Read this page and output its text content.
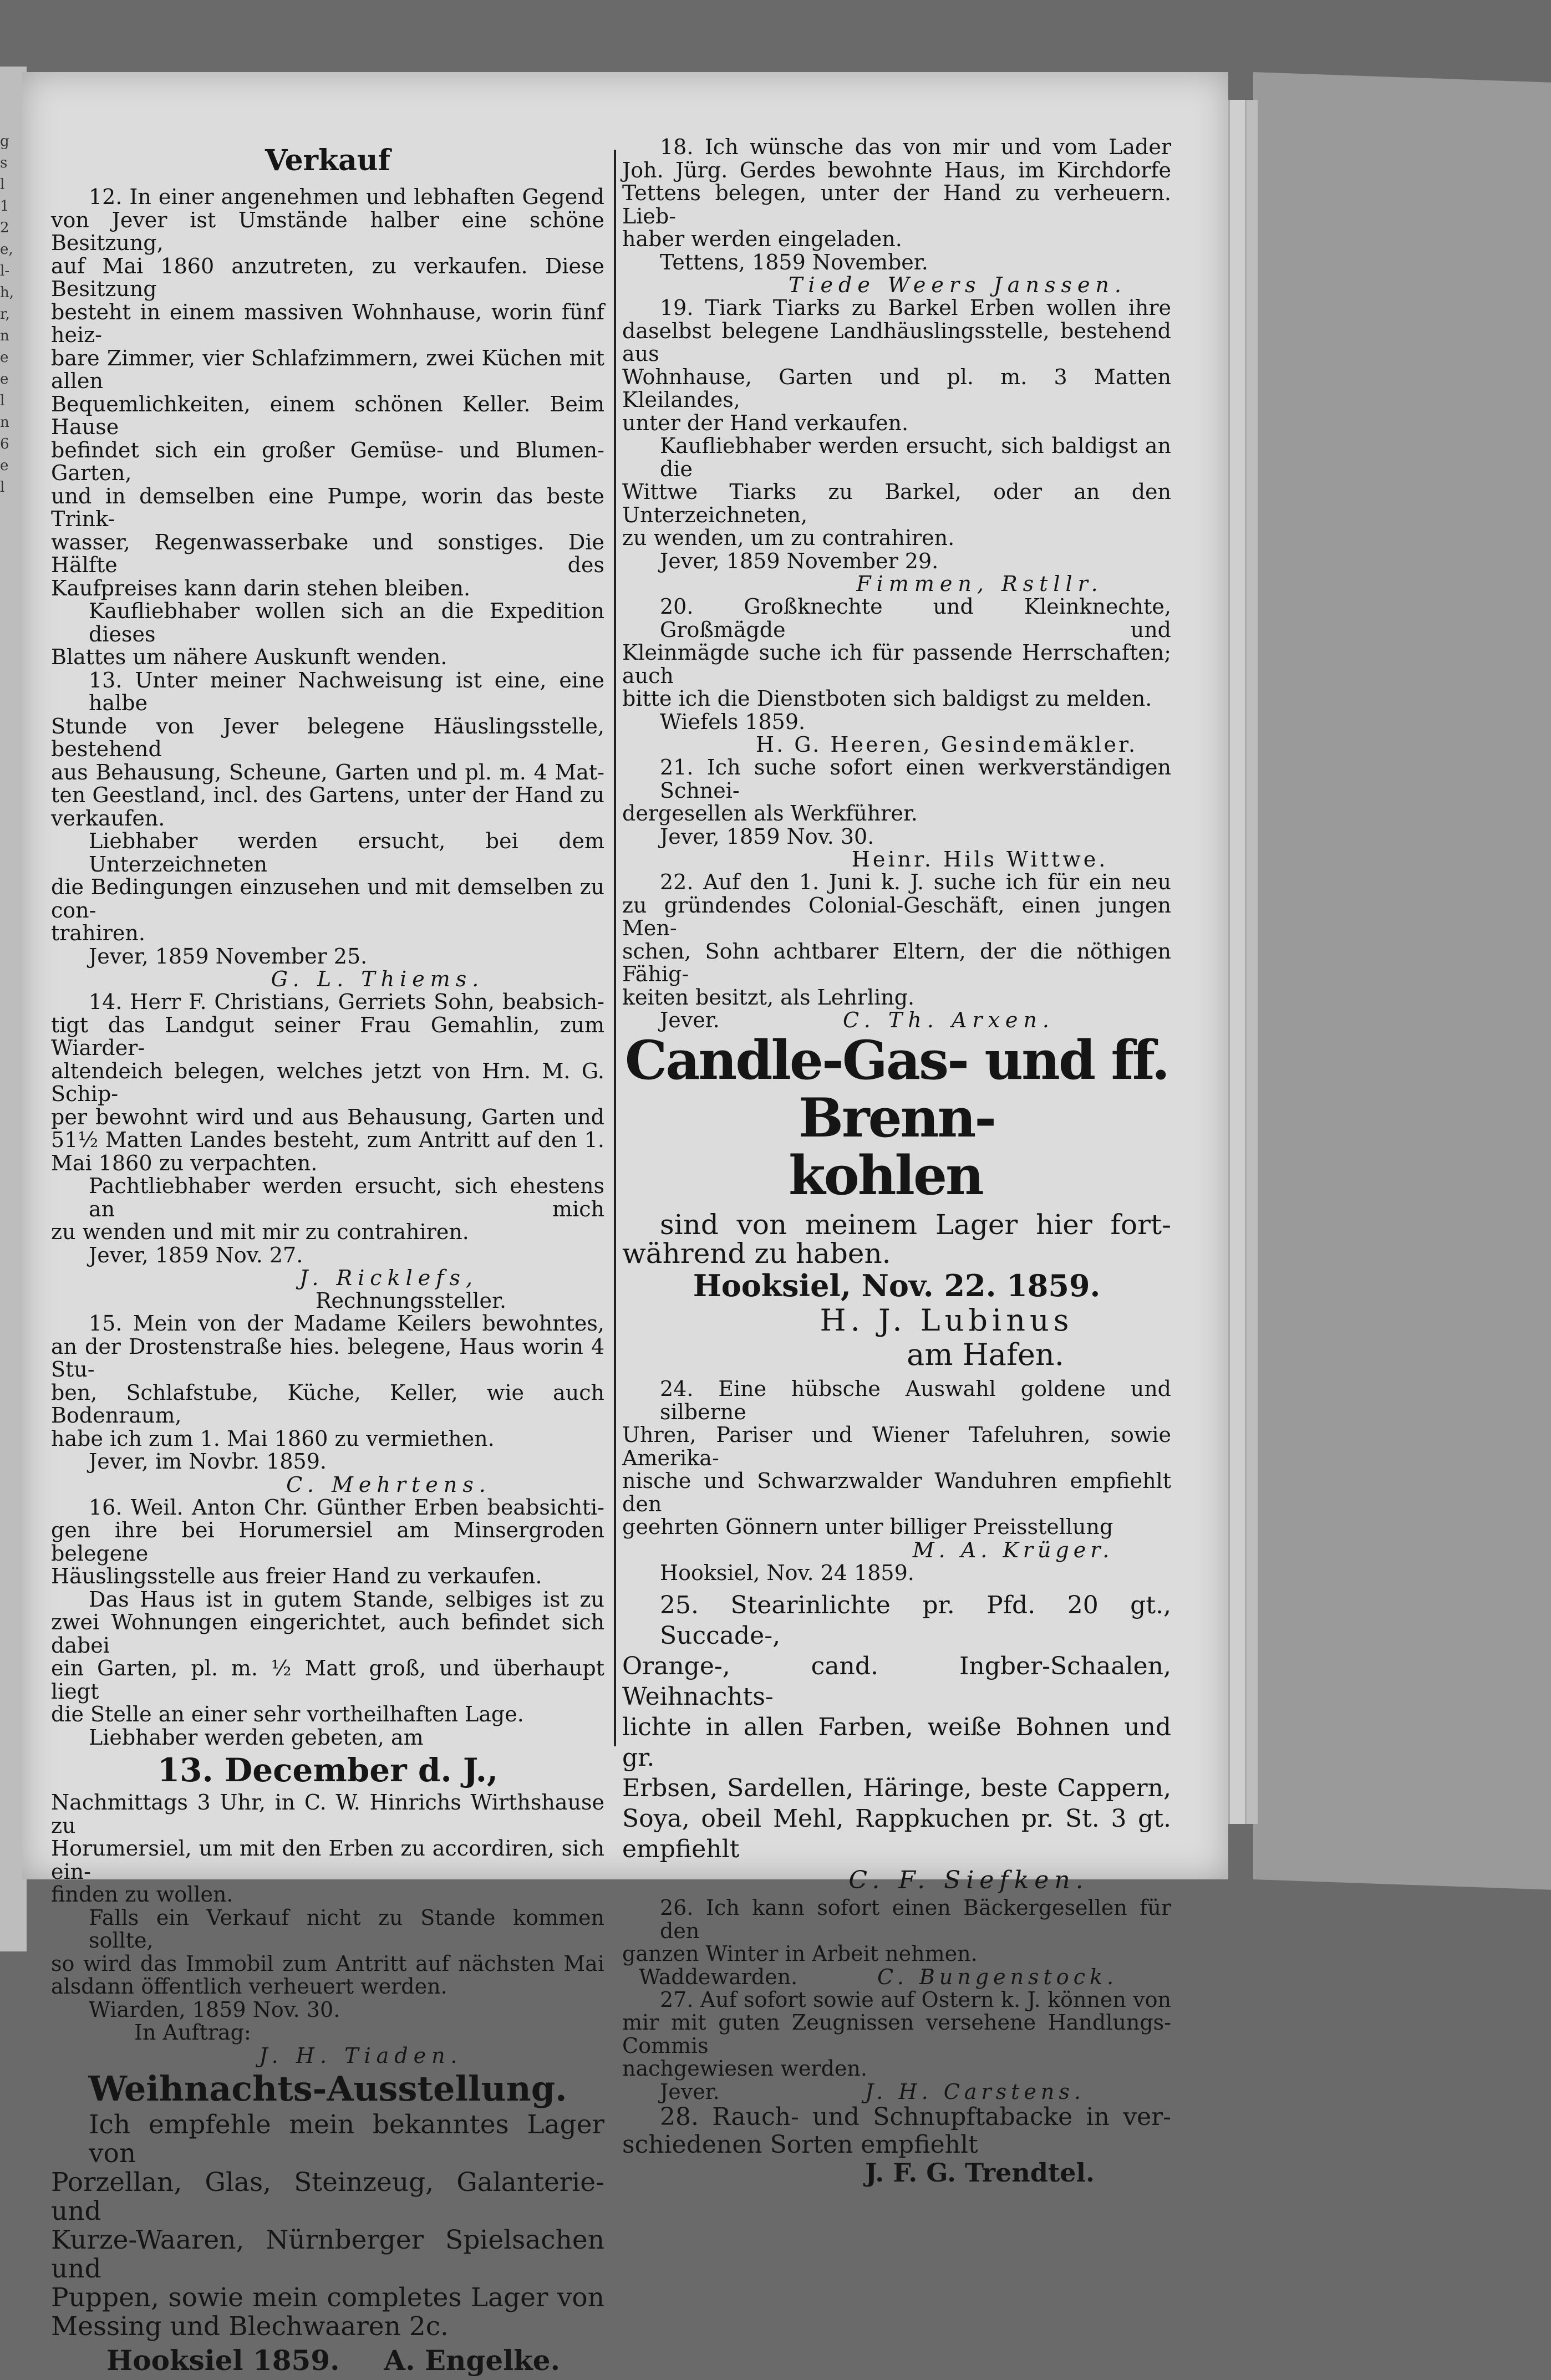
g
s
l
1
2
e,
l-
h,
r,
n
e
e
l
n
6
e
l
Verkauf

12. In einer angenehmen und lebhaften Gegend

von Jever ist Umstände halber eine schöne Besitzung,

auf Mai 1860 anzutreten, zu verkaufen. Diese Besitzung

besteht in einem massiven Wohnhause, worin fünf heiz-

bare Zimmer, vier Schlafzimmern, zwei Küchen mit allen

Bequemlichkeiten, einem schönen Keller. Beim Hause

befindet sich ein großer Gemüse- und Blumen-Garten,

und in demselben eine Pumpe, worin das beste Trink-

wasser, Regenwasserbake und sonstiges. Die Hälfte des

Kaufpreises kann darin stehen bleiben.

Kaufliebhaber wollen sich an die Expedition dieses

Blattes um nähere Auskunft wenden.

13. Unter meiner Nachweisung ist eine, eine halbe

Stunde von Jever belegene Häuslingsstelle, bestehend

aus Behausung, Scheune, Garten und pl. m. 4 Mat-

ten Geestland, incl. des Gartens, unter der Hand zu

verkaufen.

Liebhaber werden ersucht, bei dem Unterzeichneten

die Bedingungen einzusehen und mit demselben zu con-

trahiren.

Jever, 1859 November 25.

G. L. Thiems.

14. Herr F. Christians, Gerriets Sohn, beabsich-

tigt das Landgut seiner Frau Gemahlin, zum Wiarder-

altendeich belegen, welches jetzt von Hrn. M. G. Schip-

per bewohnt wird und aus Behausung, Garten und

51½ Matten Landes besteht, zum Antritt auf den 1.

Mai 1860 zu verpachten.

Pachtliebhaber werden ersucht, sich ehestens an mich

zu wenden und mit mir zu contrahiren.

Jever, 1859 Nov. 27.

J. Ricklefs,

Rechnungssteller.

15. Mein von der Madame Keilers bewohntes,

an der Drostenstraße hies. belegene, Haus worin 4 Stu-

ben, Schlafstube, Küche, Keller, wie auch Bodenraum,

habe ich zum 1. Mai 1860 zu vermiethen.

Jever, im Novbr. 1859.

C. Mehrtens.

16. Weil. Anton Chr. Günther Erben beabsichti-

gen ihre bei Horumersiel am Minsergroden belegene

Häuslingsstelle aus freier Hand zu verkaufen.

Das Haus ist in gutem Stande, selbiges ist zu

zwei Wohnungen eingerichtet, auch befindet sich dabei

ein Garten, pl. m. ½ Matt groß, und überhaupt liegt

die Stelle an einer sehr vortheilhaften Lage.

Liebhaber werden gebeten, am

13. December d. J.,

Nachmittags 3 Uhr, in C. W. Hinrichs Wirthshause zu

Horumersiel, um mit den Erben zu accordiren, sich ein-

finden zu wollen.

Falls ein Verkauf nicht zu Stande kommen sollte,

so wird das Immobil zum Antritt auf nächsten Mai

alsdann öffentlich verheuert werden.

Wiarden, 1859 Nov. 30.

In Auftrag:

J. H. Tiaden.

Weihnachts-Ausstellung.

Ich empfehle mein bekanntes Lager von

Porzellan, Glas, Steinzeug, Galanterie- und

Kurze-Waaren, Nürnberger Spielsachen und

Puppen, sowie mein completes Lager von

Messing und Blechwaaren 2c.

Hooksiel 1859. A. Engelke.

18. Ich wünsche das von mir und vom Lader

Joh. Jürg. Gerdes bewohnte Haus, im Kirchdorfe

Tettens belegen, unter der Hand zu verheuern. Lieb-

haber werden eingeladen.

Tettens, 1859 November.

Tiede Weers Janssen.

19. Tiark Tiarks zu Barkel Erben wollen ihre

daselbst belegene Landhäuslingsstelle, bestehend aus

Wohnhause, Garten und pl. m. 3 Matten Kleilandes,

unter der Hand verkaufen.

Kaufliebhaber werden ersucht, sich baldigst an die

Wittwe Tiarks zu Barkel, oder an den Unterzeichneten,

zu wenden, um zu contrahiren.

Jever, 1859 November 29.

Fimmen, Rstllr.

20. Großknechte und Kleinknechte, Großmägde und

Kleinmägde suche ich für passende Herrschaften; auch

bitte ich die Dienstboten sich baldigst zu melden.

Wiefels 1859.

H. G. Heeren, Gesindemäkler.

21. Ich suche sofort einen werkverständigen Schnei-

dergesellen als Werkführer.

Jever, 1859 Nov. 30.

Heinr. Hils Wittwe.

22. Auf den 1. Juni k. J. suche ich für ein neu

zu gründendes Colonial-Geschäft, einen jungen Men-

schen, Sohn achtbarer Eltern, der die nöthigen Fähig-

keiten besitzt, als Lehrling.

Jever.	C. Th. Arxen.

Candle-Gas- und ff. Brenn-

kohlen

sind von meinem Lager hier fort-

während zu haben.

Hooksiel, Nov. 22. 1859.

H. J. Lubinus

am Hafen.

24. Eine hübsche Auswahl goldene und silberne

Uhren, Pariser und Wiener Tafeluhren, sowie Amerika-

nische und Schwarzwalder Wanduhren empfiehlt den

geehrten Gönnern unter billiger Preisstellung

M. A. Krüger.

Hooksiel, Nov. 24 1859.

25. Stearinlichte pr. Pfd. 20 gt., Succade-,

Orange-, cand. Ingber-Schaalen, Weihnachts-

lichte in allen Farben, weiße Bohnen und gr.

Erbsen, Sardellen, Häringe, beste Cappern,

Soya, obeil Mehl, Rappkuchen pr. St. 3 gt.

empfiehlt

C. F. Siefken.

26. Ich kann sofort einen Bäckergesellen für den

ganzen Winter in Arbeit nehmen.

Waddewarden.	C. Bungenstock.

27. Auf sofort sowie auf Ostern k. J. können von

mir mit guten Zeugnissen versehene Handlungs-Commis

nachgewiesen werden.

Jever.	J. H. Carstens.

28. Rauch- und Schnupftabacke in ver-

schiedenen Sorten empfiehlt

J. F. G. Trendtel.
